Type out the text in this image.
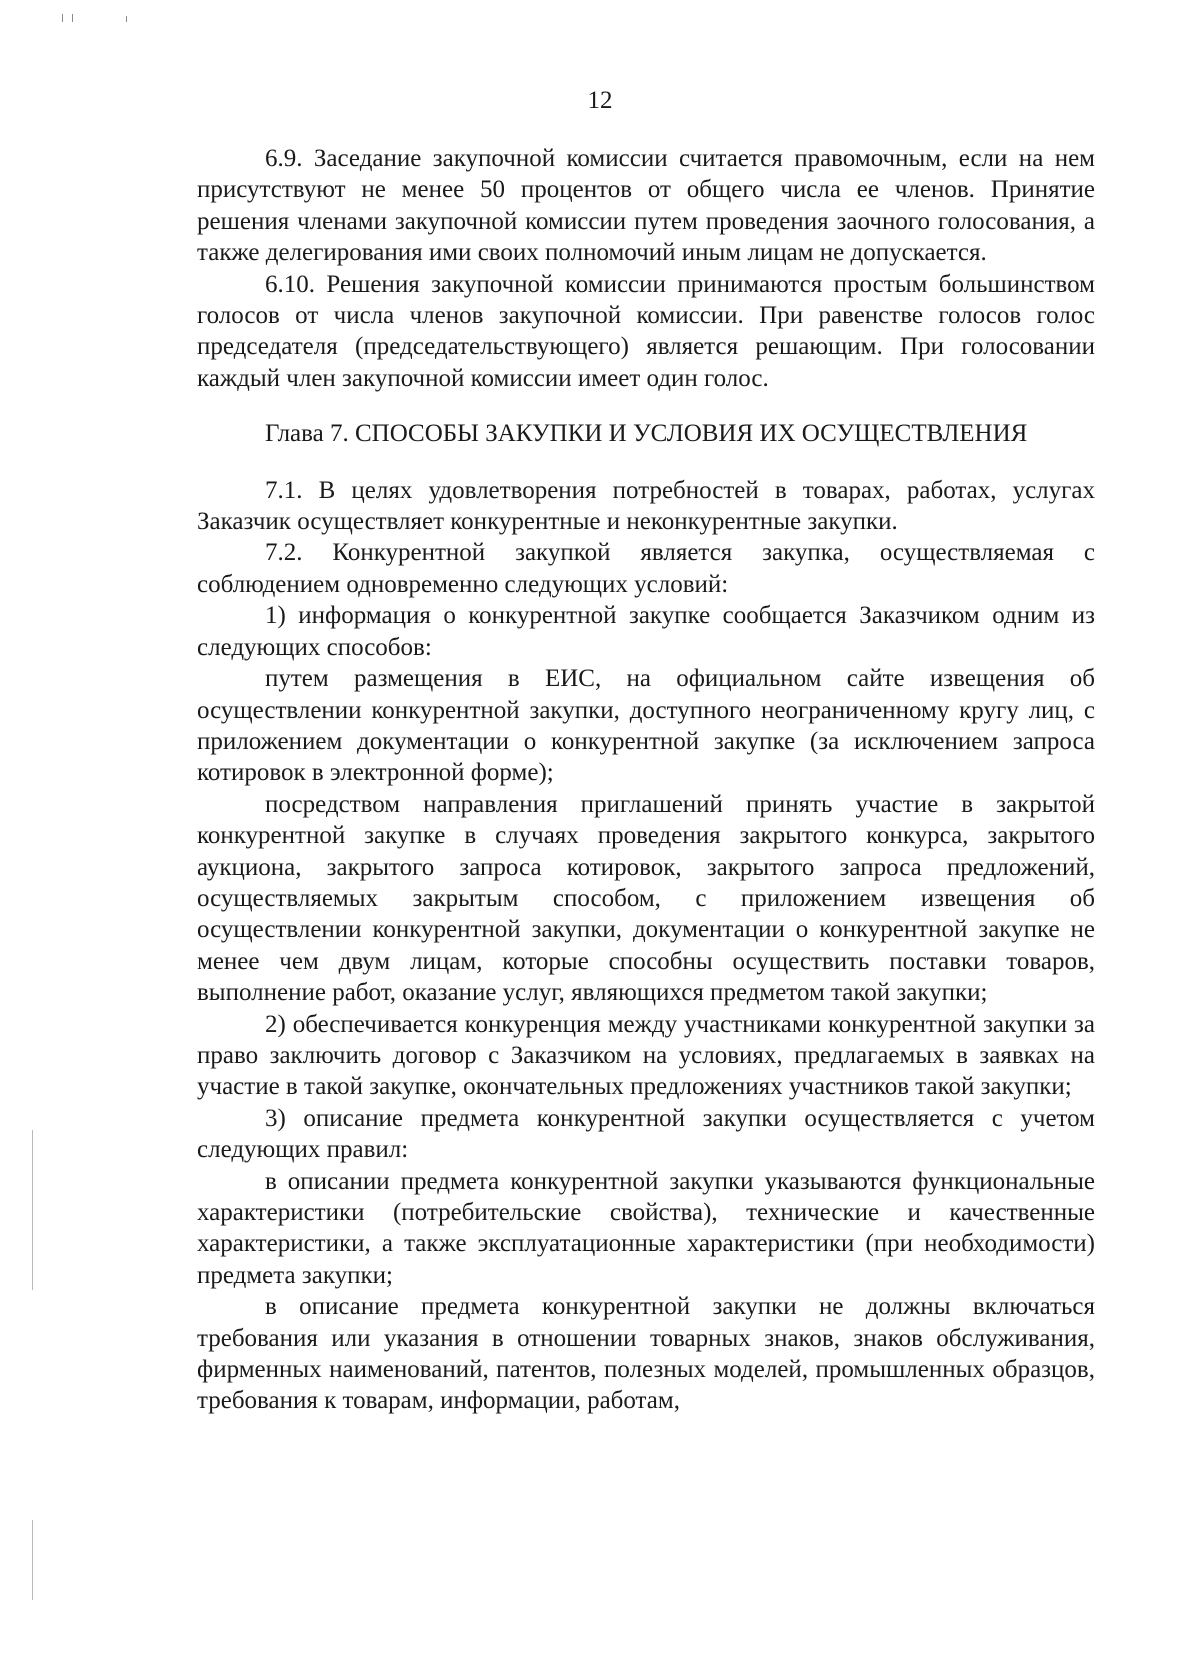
12

6.9. Заседание закупочной комиссии считается правомочным, если на нем присутствуют не менее 50 процентов от общего числа ее членов. Принятие решения членами закупочной комиссии путем проведения заочного голосования, а также делегирования ими своих полномочий иным лицам не допускается.

6.10. Решения закупочной комиссии принимаются простым большинством голосов от числа членов закупочной комиссии. При равенстве голосов голос председателя (председательствующего) является решающим. При голосовании каждый член закупочной комиссии имеет один голос.

Глава 7. СПОСОБЫ ЗАКУПКИ И УСЛОВИЯ ИХ ОСУЩЕСТВЛЕНИЯ

7.1. В целях удовлетворения потребностей в товарах, работах, услугах Заказчик осуществляет конкурентные и неконкурентные закупки.

7.2. Конкурентной закупкой является закупка, осуществляемая с соблюдением одновременно следующих условий:

1) информация о конкурентной закупке сообщается Заказчиком одним из следующих способов:

путем размещения в ЕИС, на официальном сайте извещения об осуществлении конкурентной закупки, доступного неограниченному кругу лиц, с приложением документации о конкурентной закупке (за исключением запроса котировок в электронной форме);

посредством направления приглашений принять участие в закрытой конкурентной закупке в случаях проведения закрытого конкурса, закрытого аукциона, закрытого запроса котировок, закрытого запроса предложений, осуществляемых закрытым способом, с приложением извещения об осуществлении конкурентной закупки, документации о конкурентной закупке не менее чем двум лицам, которые способны осуществить поставки товаров, выполнение работ, оказание услуг, являющихся предметом такой закупки;

2) обеспечивается конкуренция между участниками конкурентной закупки за право заключить договор с Заказчиком на условиях, предлагаемых в заявках на участие в такой закупке, окончательных предложениях участников такой закупки;

3) описание предмета конкурентной закупки осуществляется с учетом следующих правил:

в описании предмета конкурентной закупки указываются функциональные характеристики (потребительские свойства), технические и качественные характеристики, а также эксплуатационные характеристики (при необходимости) предмета закупки;

в описание предмета конкурентной закупки не должны включаться требования или указания в отношении товарных знаков, знаков обслуживания, фирменных наименований, патентов, полезных моделей, промышленных образцов, требования к товарам, информации, работам,
